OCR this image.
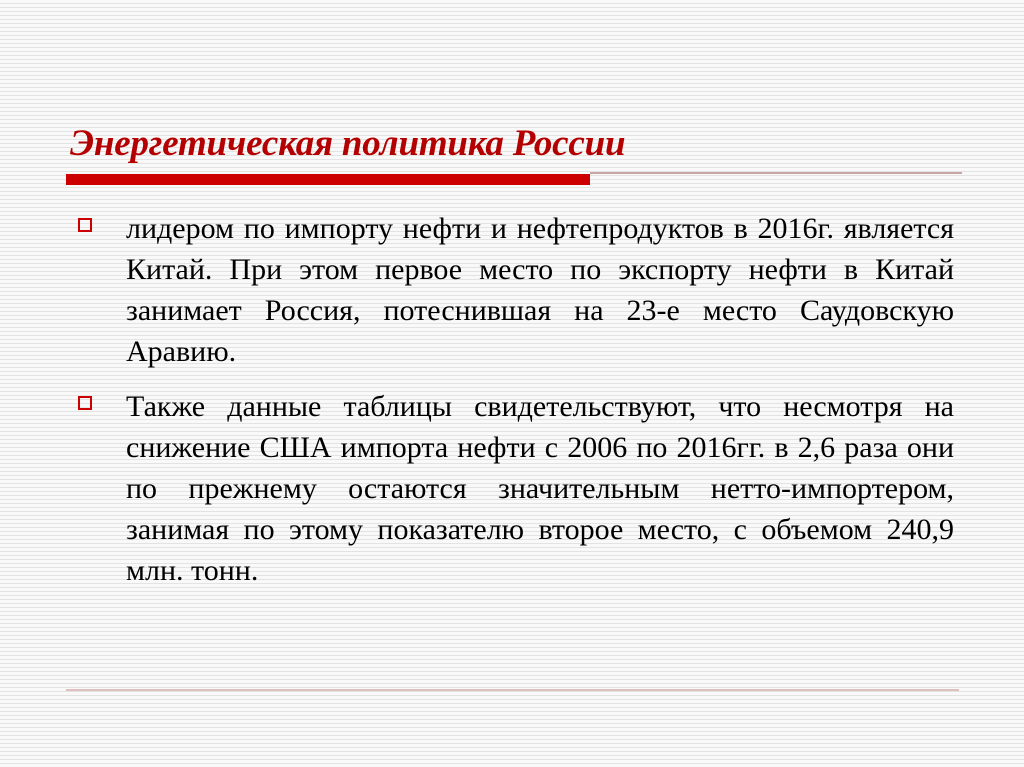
Энергетическая политика России
лидером по импорту нефти и нефтепродуктов в 2016г. является Китай. При этом первое место по экспорту нефти в Китай занимает Россия, потеснившая на 23-е место Саудовскую Аравию.
Также данные таблицы свидетельствуют, что несмотря на снижение США импорта нефти с 2006 по 2016гг. в 2,6 раза они по прежнему остаются значительным нетто-импортером, занимая по этому показателю второе место, с объемом 240,9 млн. тонн.
